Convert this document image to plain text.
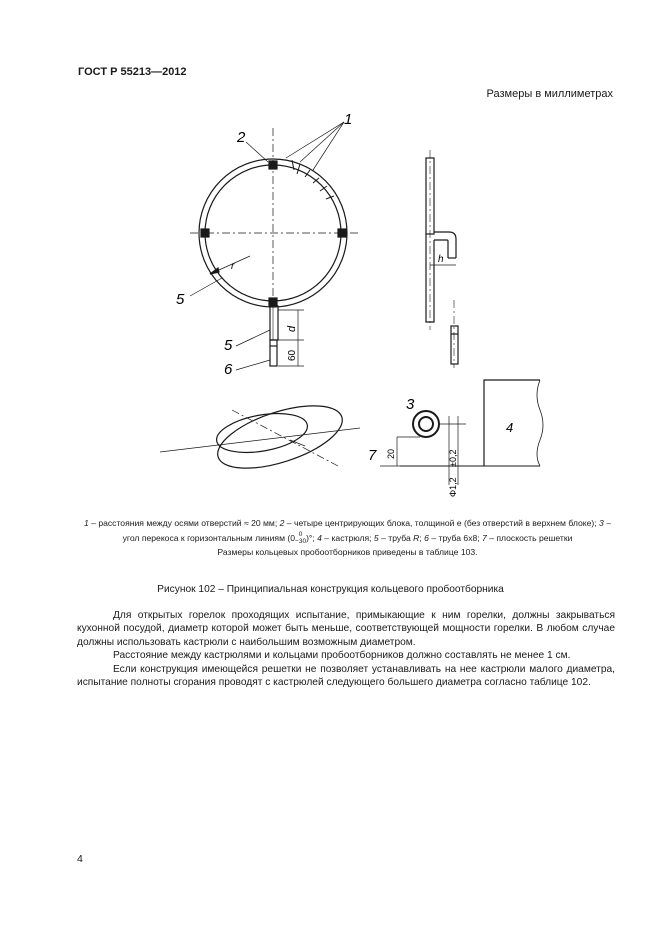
ГОСТ Р 55213—2012
Размеры в миллиметрах
1
2
3
4
5
5
6
7
d
60
h
r
20	±0,2
Φ1,2
1 – расстояния между осями отверстий ≈ 20 мм; 2 – четыре центрирующих блока, толщиной e (без отверстий в верхнем блоке); 3 – угол перекоса к горизонтальным линиям (0 0
−30 )°; 4 – кастрюля; 5 – труба R; 6 – труба 6х8; 7 – плоскость решетки
Размеры кольцевых пробоотборников приведены в таблице 103.
Рисунок 102 – Принципиальная конструкция кольцевого пробоотборника

Для открытых горелок проходящих испытание, примыкающие к ним горелки, должны закрываться кухонной посудой, диаметр которой может быть меньше, соответствующей мощности горелки. В любом случае должны использовать кастрюли с наибольшим возможным диаметром.

Расстояние между кастрюлями и кольцами пробоотборников должно составлять не менее 1 см.

Если конструкция имеющейся решетки не позволяет устанавливать на нее кастрюли малого диаметра, испытание полноты сгорания проводят с кастрюлей следующего большего диаметра согласно таблице 102.

4
